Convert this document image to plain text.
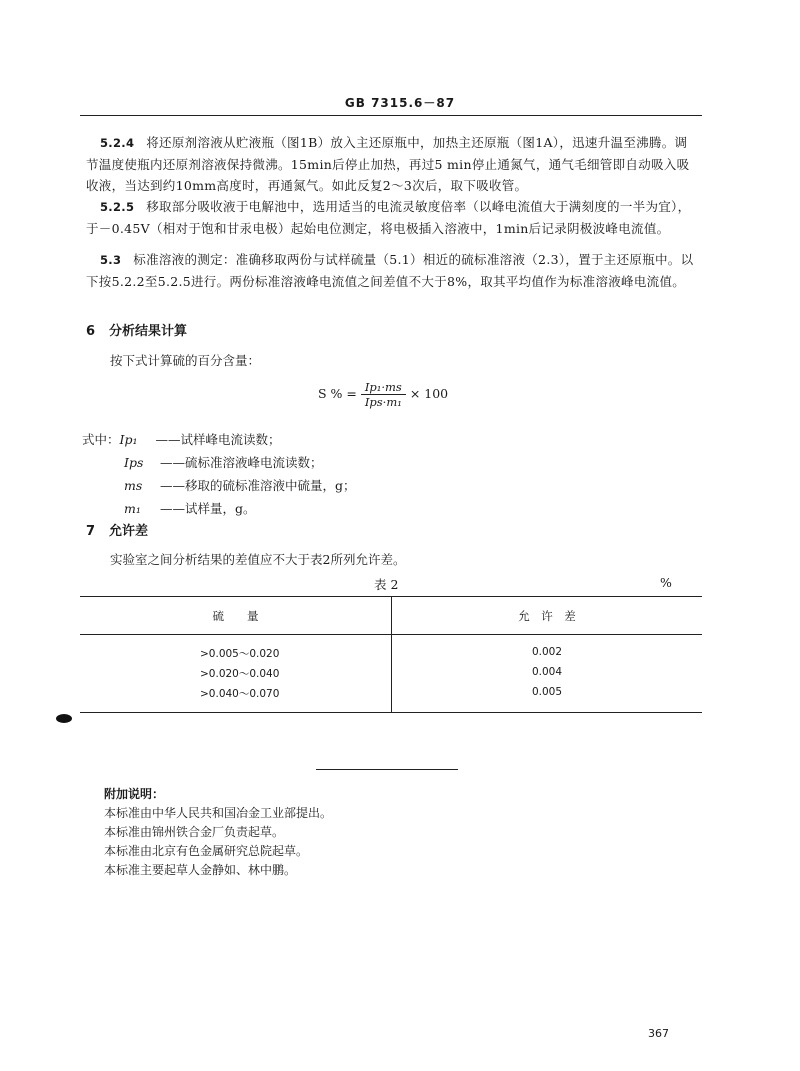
GB 7315.6－87
5.2.4 将还原剂溶液从贮液瓶（图1B）放入主还原瓶中，加热主还原瓶（图1A），迅速升温至沸腾。调节温度使瓶内还原剂溶液保持微沸。15min后停止加热，再过5 min停止通氮气，通气毛细管即自动吸入吸收液，当达到约10mm高度时，再通氮气。如此反复2～3次后，取下吸收管。
5.2.5 移取部分吸收液于电解池中，选用适当的电流灵敏度倍率（以峰电流值大于满刻度的一半为宜），于－0.45V（相对于饱和甘汞电极）起始电位测定，将电极插入溶液中，1min后记录阴极波峰电流值。
5.3 标准溶液的测定：准确移取两份与试样硫量（5.1）相近的硫标准溶液（2.3），置于主还原瓶中。以下按5.2.2至5.2.5进行。两份标准溶液峰电流值之间差值不大于8%，取其平均值作为标准溶液峰电流值。
6 分析结果计算
按下式计算硫的百分含量：
S % = $\frac{\text{Ip₁·ms}}{\text{Ips·m₁}} \times 100$
式中：Ip₁ ——试样峰电流读数；
Ips ——硫标准溶液峰电流读数；
ms ——移取的硫标准溶液中硫量，g；
m₁ ——试样量，g。
7 允许差
实验室之间分析结果的差值应不大于表2所列允许差。
表 2	%
硫　　量	允　许　差
>0.005～0.020	0.002
>0.020～0.040	0.004
>0.040～0.070	0.005
附加说明：
本标准由中华人民共和国冶金工业部提出。
本标准由锦州铁合金厂负责起草。
本标准由北京有色金属研究总院起草。
本标准主要起草人金静如、林中鹏。
367
